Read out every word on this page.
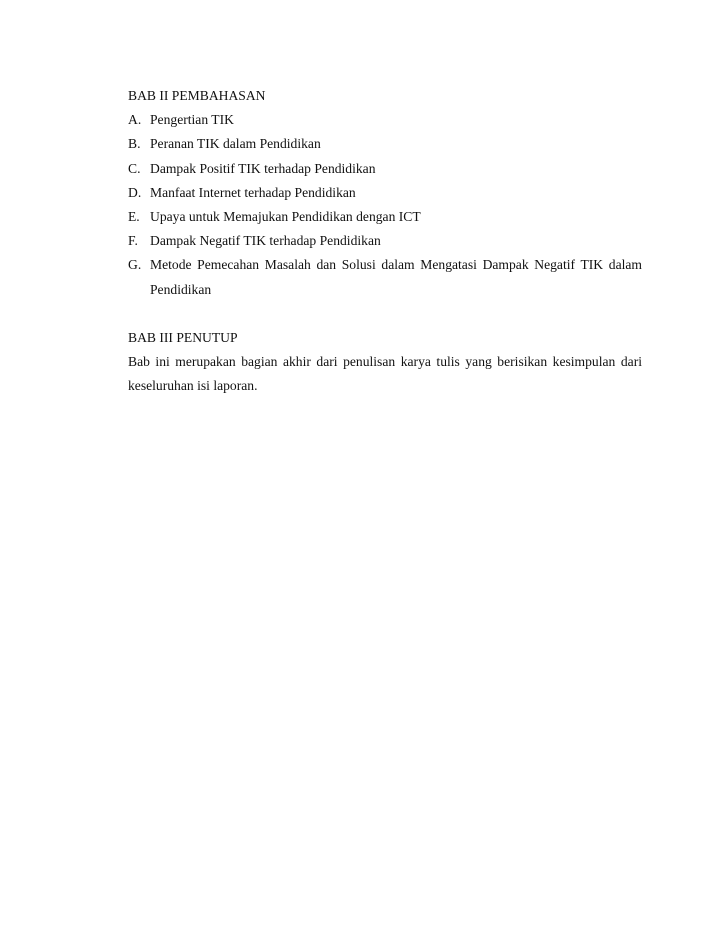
BAB II PEMBAHASAN

A. Pengertian TIK
B. Peranan TIK dalam Pendidikan
C. Dampak Positif TIK terhadap Pendidikan
D. Manfaat Internet terhadap Pendidikan
E. Upaya untuk Memajukan Pendidikan dengan ICT
F. Dampak Negatif TIK terhadap Pendidikan
G. Metode Pemecahan Masalah dan Solusi dalam Mengatasi Dampak Negatif TIK dalam Pendidikan

BAB III PENUTUP

Bab ini merupakan bagian akhir dari penulisan karya tulis yang berisikan kesimpulan dari keseluruhan isi laporan.
